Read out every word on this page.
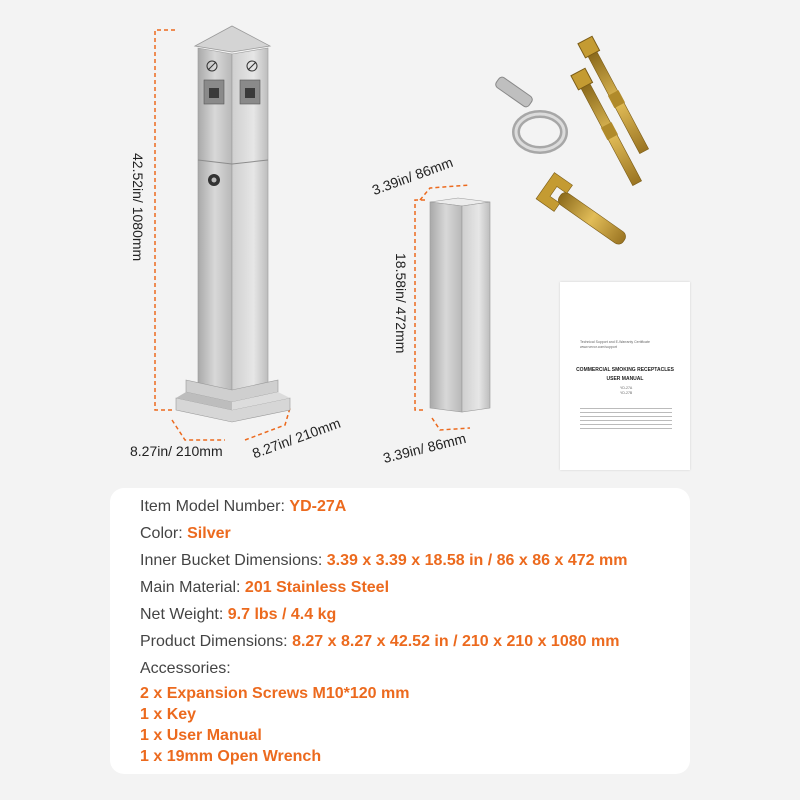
42.52in/ 1080mm
8.27in/ 210mm 8.27in/ 210mm
3.39in/ 86mm
18.58in/ 472mm
3.39in/ 86mm
Technical Support and E-Warranty Certificate www.vevor.com/support
COMMERCIAL SMOKING RECEPTACLES
USER MANUAL
YD-27A
YD-27B
Item Model Number: YD-27A
Color: Silver
Inner Bucket Dimensions: 3.39 x 3.39 x 18.58 in / 86 x 86 x 472 mm
Main Material: 201 Stainless Steel
Net Weight: 9.7 lbs / 4.4 kg
Product Dimensions: 8.27 x 8.27 x 42.52 in / 210 x 210 x 1080 mm
Accessories:
2 x Expansion Screws M10*120 mm
1 x Key
1 x User Manual
1 x 19mm Open Wrench
